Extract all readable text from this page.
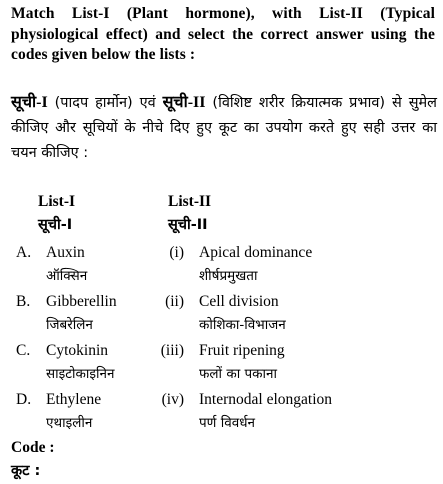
Match List-I (Plant hormone), with List-II (Typical physiological effect) and select the correct answer using the codes given below the lists :
सूची-I (पादप हार्मोन) एवं सूची-II (विशिष्ट शरीर क्रियात्मक प्रभाव) से सुमेल कीजिए और सूचियों के नीचे दिए हुए कूट का उपयोग करते हुए सही उत्तर का चयन कीजिए :
List-I
सूची-I
List-II
सूची-II
A. Auxin
ऑक्सिन
(i) Apical dominance
शीर्षप्रमुखता
B. Gibberellin
जिबरेलिन
(ii) Cell division
कोशिका-विभाजन
C. Cytokinin
साइटोकाइनिन
(iii) Fruit ripening
फलों का पकाना
D. Ethylene
एथाइलीन
(iv) Internodal elongation
पर्ण विवर्धन
Code :
कूट :
